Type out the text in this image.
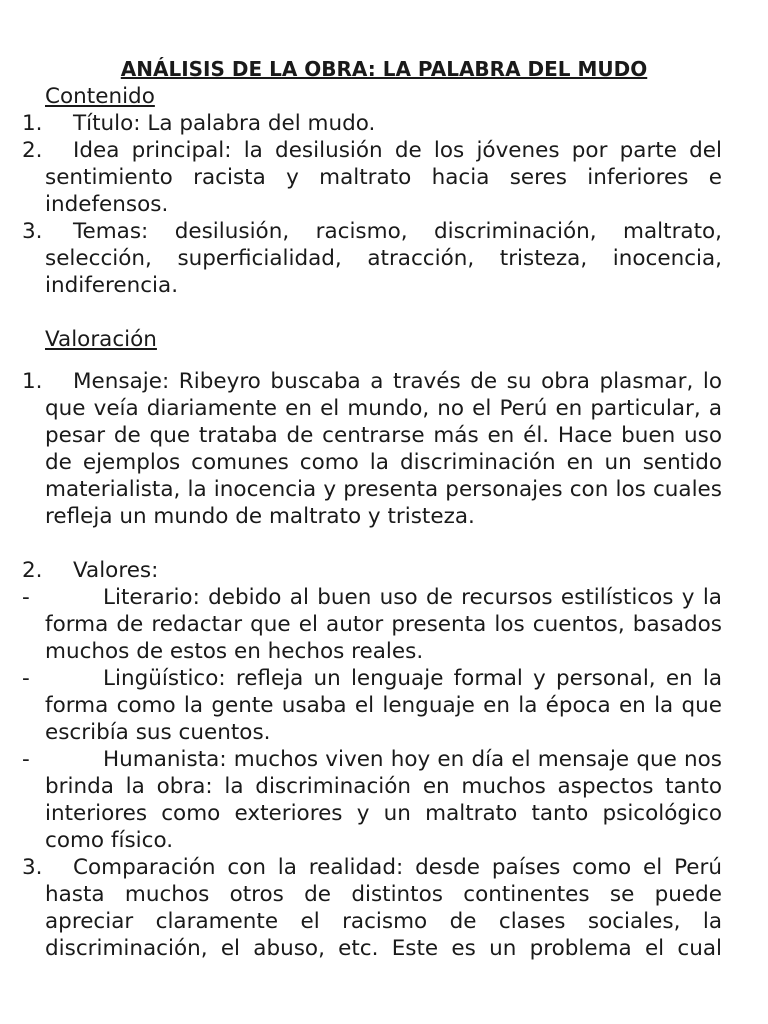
ANÁLISIS DE LA OBRA: LA PALABRA DEL MUDO
Contenido
1.	Título: La palabra del mudo.
2.	Idea principal: la desilusión de los jóvenes por parte del sentimiento racista y maltrato hacia seres inferiores e indefensos.
3.	Temas: desilusión, racismo, discriminación, maltrato, selección, superficialidad, atracción, tristeza, inocencia, indiferencia.
Valoración
1.	Mensaje: Ribeyro buscaba a través de su obra plasmar, lo que veía diariamente en el mundo, no el Perú en particular, a pesar de que trataba de centrarse más en él. Hace buen uso de ejemplos comunes como la discriminación en un sentido materialista, la inocencia y presenta personajes con los cuales refleja un mundo de maltrato y tristeza.
2.	Valores:
-	Literario: debido al buen uso de recursos estilísticos y la forma de redactar que el autor presenta los cuentos, basados muchos de estos en hechos reales.
-	Lingüístico: refleja un lenguaje formal y personal, en la forma como la gente usaba el lenguaje en la época en la que escribía sus cuentos.
-	Humanista: muchos viven hoy en día el mensaje que nos brinda la obra: la discriminación en muchos aspectos tanto interiores como exteriores y un maltrato tanto psicológico como físico.
3.	Comparación con la realidad: desde países como el Perú hasta muchos otros de distintos continentes se puede apreciar claramente el racismo de clases sociales, la discriminación, el abuso, etc. Este es un problema el cual
